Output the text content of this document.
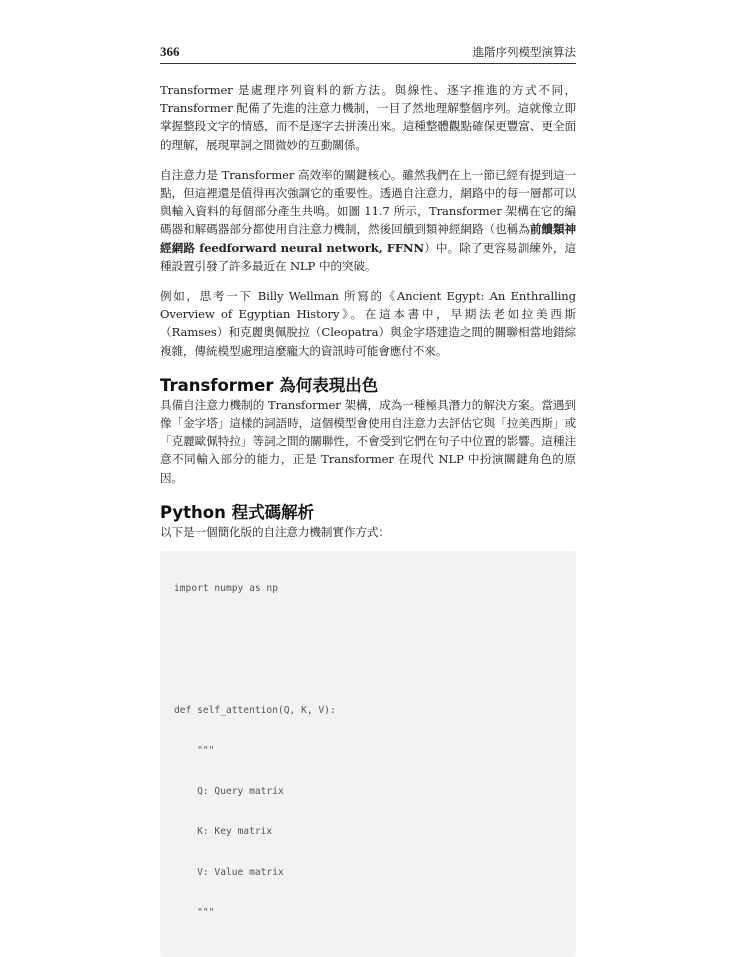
366	進階序列模型演算法

Transformer 是處理序列資料的新方法。與線性、逐字推進的方式不同，Transformer 配備了先進的注意力機制，一目了然地理解整個序列。這就像立即掌握整段文字的情感，而不是逐字去拼湊出來。這種整體觀點確保更豐富、更全面的理解，展現單詞之間微妙的互動關係。

自注意力是 Transformer 高效率的關鍵核心。雖然我們在上一節已經有提到這一點，但這裡還是值得再次強調它的重要性。透過自注意力，網路中的每一層都可以與輸入資料的每個部分產生共鳴。如圖 11.7 所示，Transformer 架構在它的編碼器和解碼器部分都使用自注意力機制，然後回饋到類神經網路（也稱為前饋類神經網路 feedforward neural network, FFNN）中。除了更容易訓練外，這種設置引發了許多最近在 NLP 中的突破。

例如，思考一下 Billy Wellman 所寫的《Ancient Egypt: An Enthralling Overview of Egyptian History》。在這本書中，早期法老如拉美西斯（Ramses）和克麗奧佩脫拉（Cleopatra）與金字塔建造之間的關聯相當地錯綜複雜，傳統模型處理這麼龐大的資訊時可能會應付不來。

Transformer 為何表現出色

具備自注意力機制的 Transformer 架構，成為一種極具潛力的解決方案。當遇到像「金字塔」這樣的詞語時，這個模型會使用自注意力去評估它與「拉美西斯」或「克麗歐佩特拉」等詞之間的關聯性，不會受到它們在句子中位置的影響。這種注意不同輸入部分的能力，正是 Transformer 在現代 NLP 中扮演關鍵角色的原因。

Python 程式碼解析

以下是一個簡化版的自注意力機制實作方式：

import numpy as np

def self_attention(Q, K, V):

"""

Q: Query matrix

K: Key matrix

V: Value matrix

"""
